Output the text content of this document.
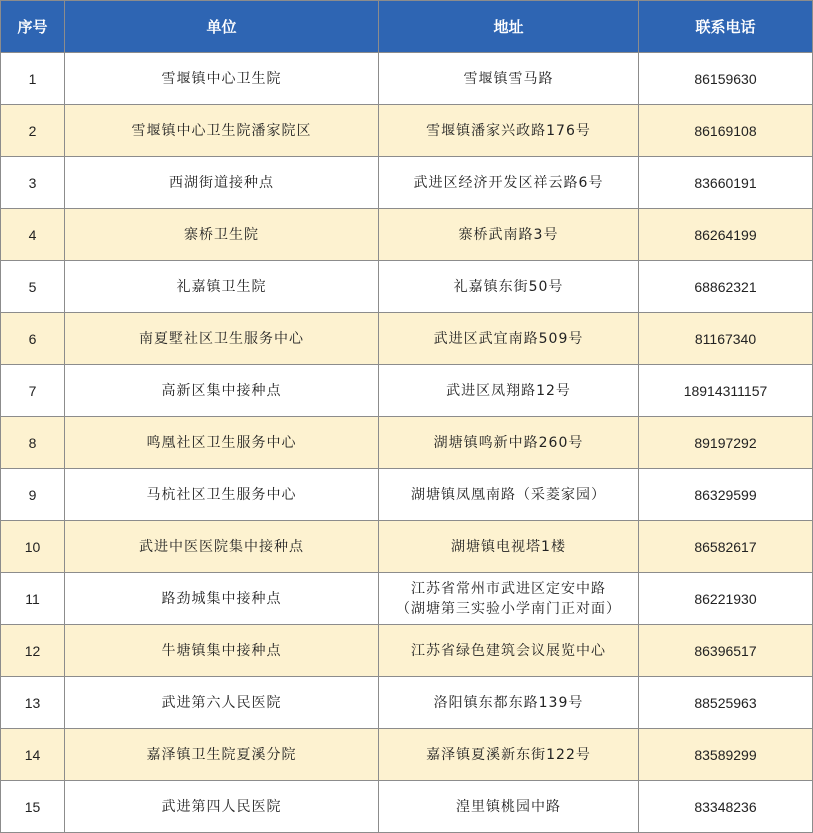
序号	单位	地址	联系电话
1	雪堰镇中心卫生院	雪堰镇雪马路	86159630
2	雪堰镇中心卫生院潘家院区	雪堰镇潘家兴政路176号	86169108
3	西湖街道接种点	武进区经济开发区祥云路6号	83660191
4	寨桥卫生院	寨桥武南路3号	86264199
5	礼嘉镇卫生院	礼嘉镇东街50号	68862321
6	南夏墅社区卫生服务中心	武进区武宜南路509号	81167340
7	高新区集中接种点	武进区凤翔路12号	18914311157
8	鸣凰社区卫生服务中心	湖塘镇鸣新中路260号	89197292
9	马杭社区卫生服务中心	湖塘镇凤凰南路（采菱家园）	86329599
10	武进中医医院集中接种点	湖塘镇电视塔1楼	86582617
11	路劲城集中接种点	江苏省常州市武进区定安中路
（湖塘第三实验小学南门正对面）	86221930
12	牛塘镇集中接种点	江苏省绿色建筑会议展览中心	86396517
13	武进第六人民医院	洛阳镇东都东路139号	88525963
14	嘉泽镇卫生院夏溪分院	嘉泽镇夏溪新东街122号	83589299
15	武进第四人民医院	湟里镇桃园中路	83348236
